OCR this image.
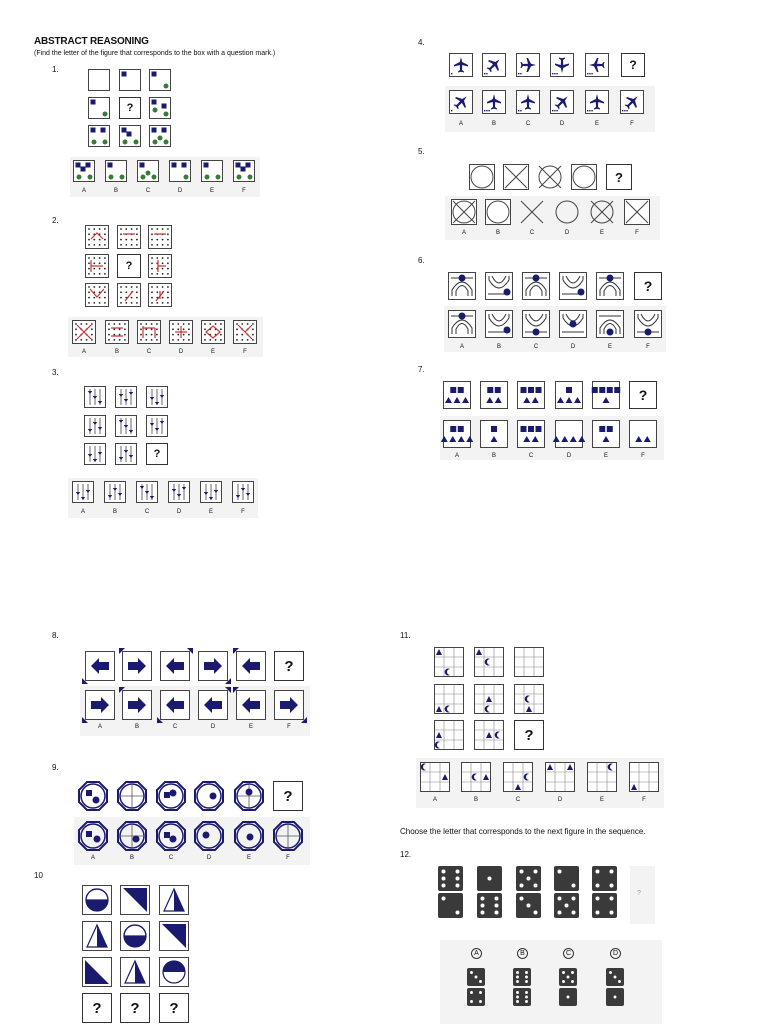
ABSTRACT REASONING
(Find the letter of the figure that corresponds to the box with a question mark.)
1.
2.
3.
4.
5.
6.
7.
8.
9.
10
11.
12.
Choose the letter that corresponds to the next figure in the sequence.
?
A	B	C	D	E	F
?
A	B	C	D	E	F
?
A	B	C	D	E	F
?
A	B	C	D	E	F
?
A	B	C	D	E	F
?
A	B	C	D	E	F
?
A	B	C	D	E	F
?
A	B	C	D	E	F
?
A	B	C	D	E	F
?	?	?
?
A	B	C	D	E	F
?
A	B	C	D
